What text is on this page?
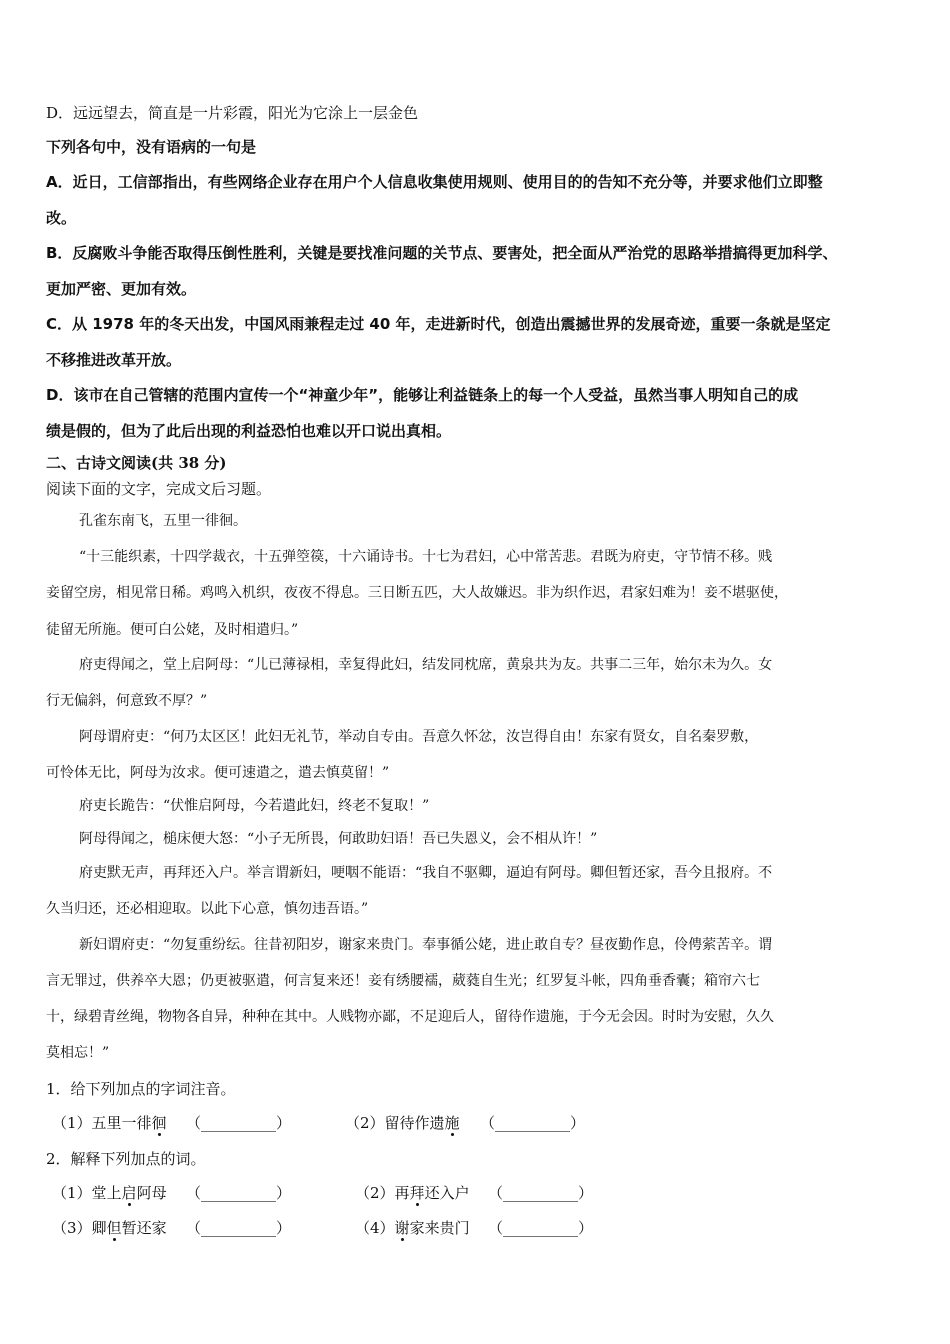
D．远远望去，简直是一片彩霞，阳光为它涂上一层金色
下列各句中，没有语病的一句是
A．近日，工信部指出，有些网络企业存在用户个人信息收集使用规则、使用目的的告知不充分等，并要求他们立即整
改。
B．反腐败斗争能否取得压倒性胜利，关键是要找准问题的关节点、要害处，把全面从严治党的思路举措搞得更加科学、
更加严密、更加有效。
C．从 1978 年的冬天出发，中国风雨兼程走过 40 年，走进新时代，创造出震撼世界的发展奇迹，重要一条就是坚定
不移推进改革开放。
D．该市在自己管辖的范围内宣传一个“神童少年”，能够让利益链条上的每一个人受益，虽然当事人明知自己的成
绩是假的，但为了此后出现的利益恐怕也难以开口说出真相。
二、古诗文阅读(共 38 分)
阅读下面的文字，完成文后习题。
孔雀东南飞，五里一徘徊。
“十三能织素，十四学裁衣，十五弹箜篌，十六诵诗书。十七为君妇，心中常苦悲。君既为府吏，守节情不移。贱
妾留空房，相见常日稀。鸡鸣入机织，夜夜不得息。三日断五匹，大人故嫌迟。非为织作迟，君家妇难为！妾不堪驱使，
徒留无所施。便可白公姥，及时相遣归。”
府吏得闻之，堂上启阿母：“儿已薄禄相，幸复得此妇，结发同枕席，黄泉共为友。共事二三年，始尔未为久。女
行无偏斜，何意致不厚？”
阿母谓府吏：“何乃太区区！此妇无礼节，举动自专由。吾意久怀忿，汝岂得自由！东家有贤女，自名秦罗敷，
可怜体无比，阿母为汝求。便可速遣之，遣去慎莫留！”
府吏长跪告：“伏惟启阿母，今若遣此妇，终老不复取！”
阿母得闻之，槌床便大怒：“小子无所畏，何敢助妇语！吾已失恩义，会不相从许！”
府吏默无声，再拜还入户。举言谓新妇，哽咽不能语：“我自不驱卿，逼迫有阿母。卿但暂还家，吾今且报府。不
久当归还，还必相迎取。以此下心意，慎勿违吾语。”
新妇谓府吏：“勿复重纷纭。往昔初阳岁，谢家来贵门。奉事循公姥，进止敢自专？昼夜勤作息，伶俜萦苦辛。谓
言无罪过，供养卒大恩；仍更被驱遣，何言复来还！妾有绣腰襦，葳蕤自生光；红罗复斗帐，四角垂香囊；箱帘六七
十，绿碧青丝绳，物物各自异，种种在其中。人贱物亦鄙，不足迎后人，留待作遗施，于今无会因。时时为安慰，久久
莫相忘！”
1．给下列加点的字词注音。
（1）五里一徘徊 （__________）	（2）留待作遗施 （__________）
2．解释下列加点的词。
（1）堂上启阿母 （__________）	（2）再拜还入户 （__________）
（3）卿但暂还家 （__________）	（4）谢家来贵门 （__________）
